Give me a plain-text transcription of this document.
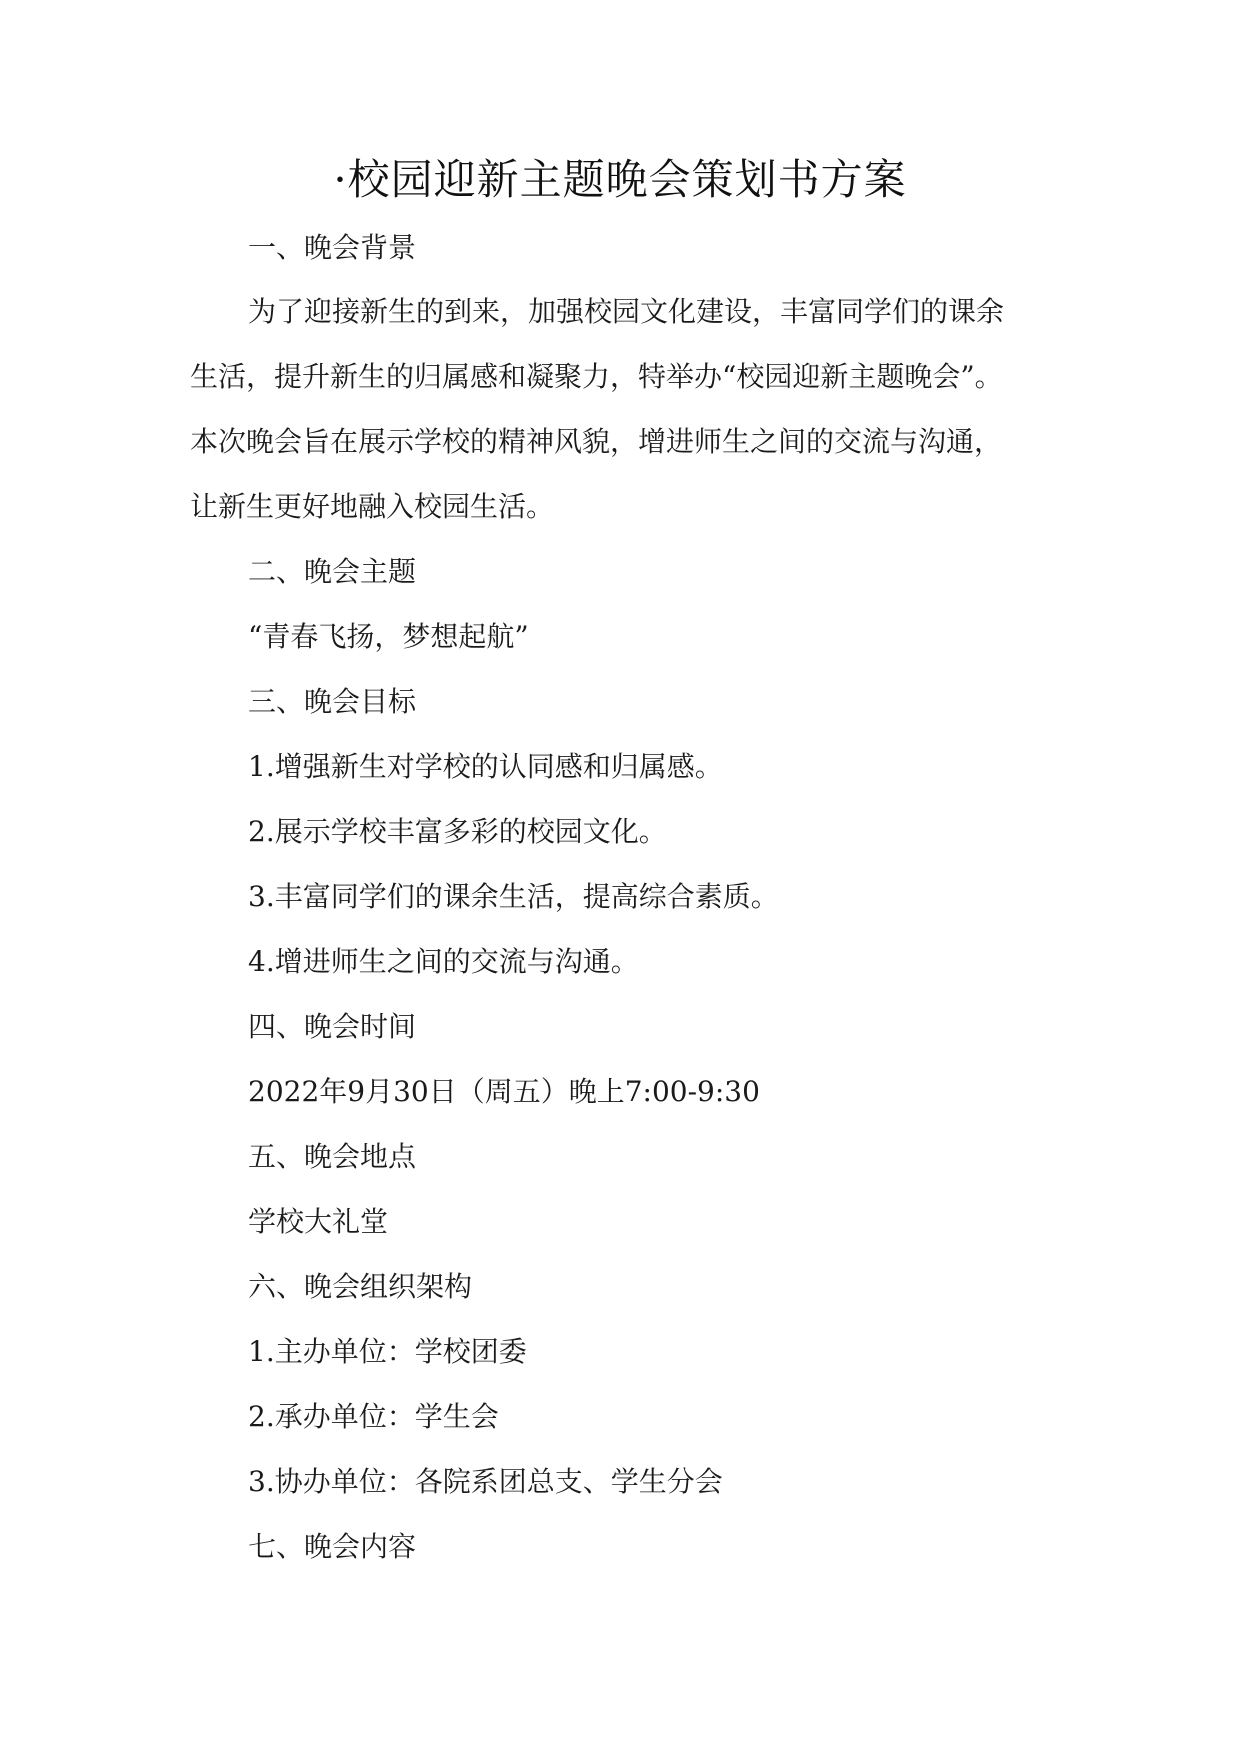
·校园迎新主题晚会策划书方案

一、晚会背景

为了迎接新生的到来，加强校园文化建设，丰富同学们的课余

生活，提升新生的归属感和凝聚力，特举办“校园迎新主题晚会”。

本次晚会旨在展示学校的精神风貌，增进师生之间的交流与沟通，

让新生更好地融入校园生活。

二、晚会主题

“青春飞扬，梦想起航”

三、晚会目标

1.增强新生对学校的认同感和归属感。

2.展示学校丰富多彩的校园文化。

3.丰富同学们的课余生活，提高综合素质。

4.增进师生之间的交流与沟通。

四、晚会时间

2022年9月30日（周五）晚上7:00-9:30

五、晚会地点

学校大礼堂

六、晚会组织架构

1.主办单位：学校团委

2.承办单位：学生会

3.协办单位：各院系团总支、学生分会

七、晚会内容
